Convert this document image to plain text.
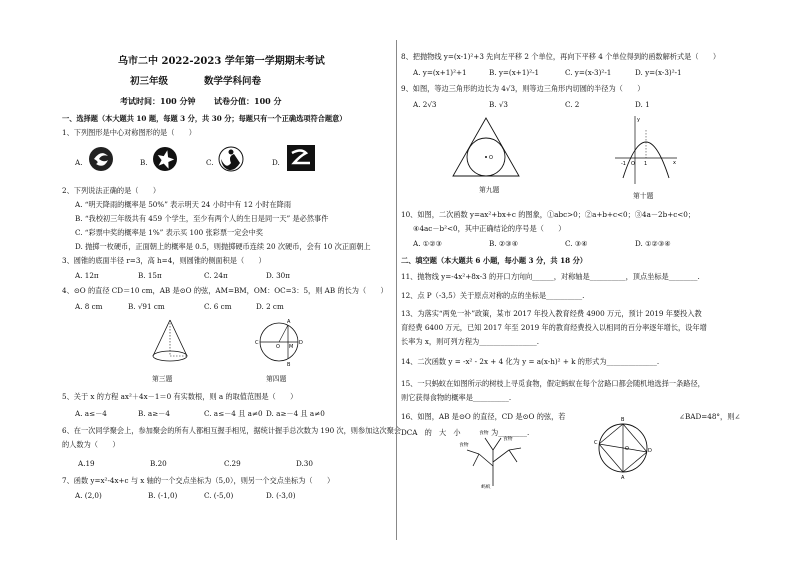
乌市二中 2022-2023 学年第一学期期末考试
初三年级	数学学科问卷
考试时间：100 分钟 试卷分值：100 分
一、选择题（本大题共 10 题，每题 3 分，共 30 分；每题只有一个正确选项符合题意）
1、下列图形是中心对称图形的是（　　）
A.	B.	C.	D.
2、下列说法正确的是（　　）
A. “明天降雨的概率是 50%” 表示明天 24 小时中有 12 小时在降雨
B. “我校初三年级共有 459 个学生，至少有两个人的生日是同一天” 是必然事件
C. “彩票中奖的概率是 1%” 表示买 100 张彩票一定会中奖
D. 抛掷一枚硬币，正面朝上的概率是 0.5，则抛掷硬币连续 20 次硬币，会有 10 次正面朝上
3、圆锥的底面半径 r=3，高 h=4，则圆锥的侧面积是（　　）
A. 12π	B. 15π	C. 24π	D. 30π
4、⊙O 的直径 CD＝10 cm，AB 是⊙O 的弦，AM=BM，OM：OC=3：5，则 AB 的长为（　　）
A. 8 cm	B. √91 cm	C. 6 cm	D. 2 cm
第三题
C	D
A
B
O M
第四题
5、关于 x 的方程 ax²＋4x－1＝0 有实数根，则 a 的取值范围是（　　）
A. a≤－4	B. a≥－4	C. a≤－4 且 a≠0 D. a≥－4 且 a≠0
6、在一次同学聚会上，参加聚会的所有人都相互握手相见，据统计握手总次数为 190 次，则参加这次聚会
的人数为（　　）
A.19	B.20	C.29	D.30
7、函数 y=x²-4x+c 与 x 轴的一个交点坐标为（5,0），则另一个交点坐标为（　　）
A. (2,0)	B. (-1,0)	C. (-5,0)	D. (-3,0)
8、把抛物线 y=(x-1)²+3 先向左平移 2 个单位，再向下平移 4 个单位得到的函数解析式是（　　）
A. y=(x+1)²+1	B. y=(x+1)²-1	C. y=(x-3)²-1	D. y=(x-3)²-1
9、如图，等边三角形的边长为 4√3，则等边三角形内切圆的半径为（　　）
A. 2√3	B. √3	C. 2	D. 1
O
第九题
-1 O 1	x
y
第十题
10、如图，二次函数 y=ax²+bx+c 的图象，①abc>0；②a+b+c<0；③4a－2b+c<0；
④4ac－b²<0，其中正确结论的序号是（　　）
A. ①②③	B. ②③④	C. ③④	D. ①②③④
二、填空题（本大题共 6 小题，每小题 3 分，共 18 分）
11、抛物线 y=-4x²+8x-3 的开口方向向______，对称轴是__________，顶点坐标是________.
12、点 P（-3,5）关于原点对称的点的坐标是__________.
13、为落实“两免一补”政策，某市 2017 年投入教育经费 4900 万元，预计 2019 年要投入教
育经费 6400 万元，已知 2017 年至 2019 年的教育经费投入以相同的百分率逐年增长，设年增
长率为 x，则可列方程为________________.
14、二次函数 y = -x² - 2x + 4 化为 y = a(x-h)² + k 的形式为______________.
15、一只蚂蚁在如图所示的树枝上寻觅食物，假定蚂蚁在每个岔路口都会随机地选择一条路径，
则它获得食物的概率是__________.
16、如图，AB 是⊙O 的直径，CD 是⊙O 的弦，若	∠BAD=48°，则∠
DCA　的　大　小	为________.
食物
食物
食物
蚂蚁
B
C
D
A
O
